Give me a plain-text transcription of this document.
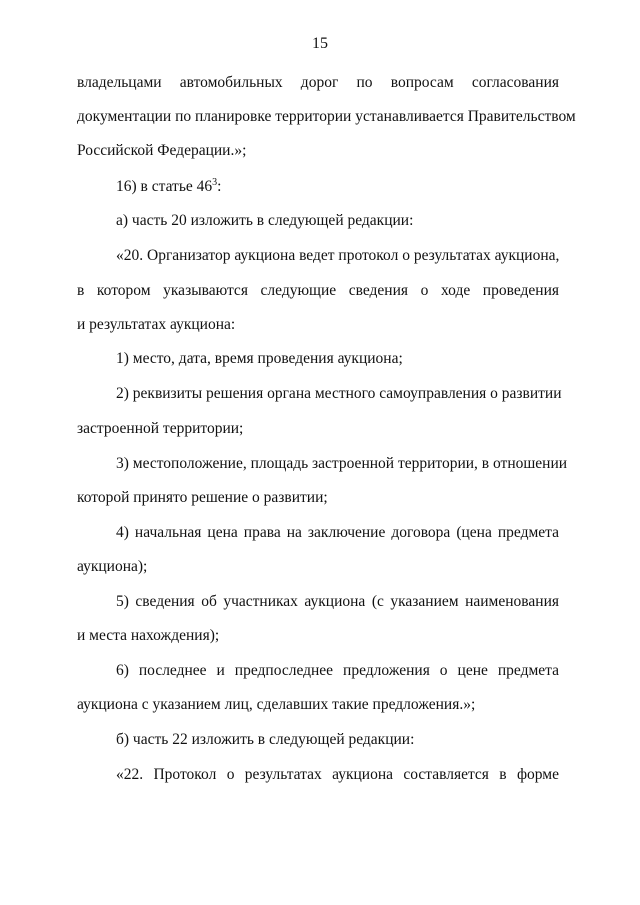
15
владельцами автомобильных дорог по вопросам согласования
документации по планировке территории устанавливается Правительством
Российской Федерации.»;
16) в статье $46^3$:
а) часть 20 изложить в следующей редакции:
«20. Организатор аукциона ведет протокол о результатах аукциона,
в котором указываются следующие сведения о ходе проведения
и результатах аукциона:
1) место, дата, время проведения аукциона;
2) реквизиты решения органа местного самоуправления о развитии
застроенной территории;
3) местоположение, площадь застроенной территории, в отношении
которой принято решение о развитии;
4) начальная цена права на заключение договора (цена предмета
аукциона);
5) сведения об участниках аукциона (с указанием наименования
и места нахождения);
6) последнее и предпоследнее предложения о цене предмета
аукциона с указанием лиц, сделавших такие предложения.»;
б) часть 22 изложить в следующей редакции:
«22. Протокол о результатах аукциона составляется в форме
